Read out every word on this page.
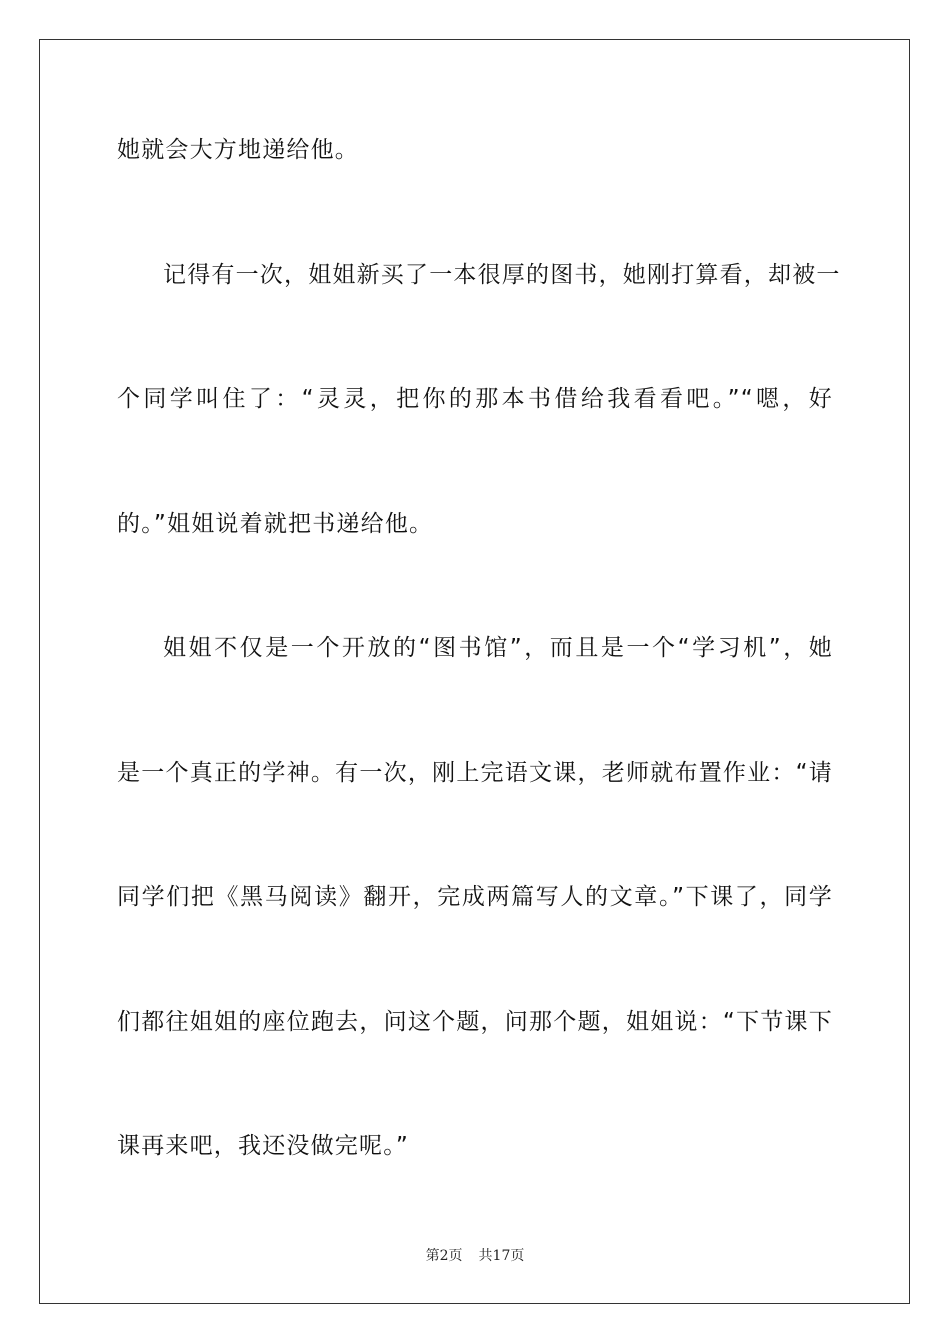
她就会大方地递给他。
记得有一次，姐姐新买了一本很厚的图书，她刚打算看，却被一
个同学叫住了：“灵灵，把你的那本书借给我看看吧。”“嗯，好
的。”姐姐说着就把书递给他。
姐姐不仅是一个开放的“图书馆”，而且是一个“学习机”，她
是一个真正的学神。有一次，刚上完语文课，老师就布置作业：“请
同学们把《黑马阅读》翻开，完成两篇写人的文章。”下课了，同学
们都往姐姐的座位跑去，问这个题，问那个题，姐姐说：“下节课下
课再来吧，我还没做完呢。”
第2页 共17页
